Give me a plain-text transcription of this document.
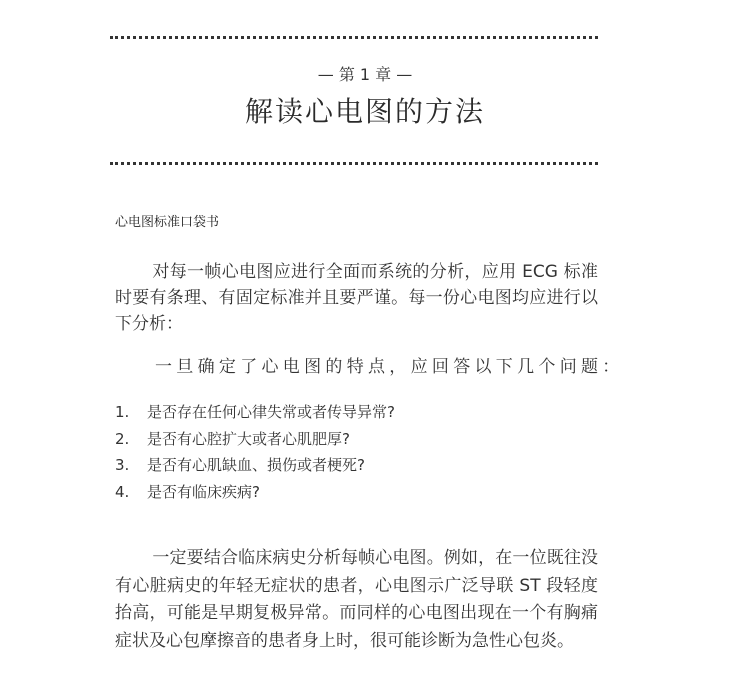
— 第 1 章 —
解读心电图的方法
心电图标准口袋书
对每一帧心电图应进行全面而系统的分析，应用 ECG 标准时要有条理、有固定标准并且要严谨。每一份心电图均应进行以下分析：
一旦确定了心电图的特点，应回答以下几个问题：
1. 是否存在任何心律失常或者传导异常?
2. 是否有心腔扩大或者心肌肥厚?
3. 是否有心肌缺血、损伤或者梗死?
4. 是否有临床疾病?
一定要结合临床病史分析每帧心电图。例如，在一位既往没有心脏病史的年轻无症状的患者，心电图示广泛导联 ST 段轻度抬高，可能是早期复极异常。而同样的心电图出现在一个有胸痛症状及心包摩擦音的患者身上时，很可能诊断为急性心包炎。
